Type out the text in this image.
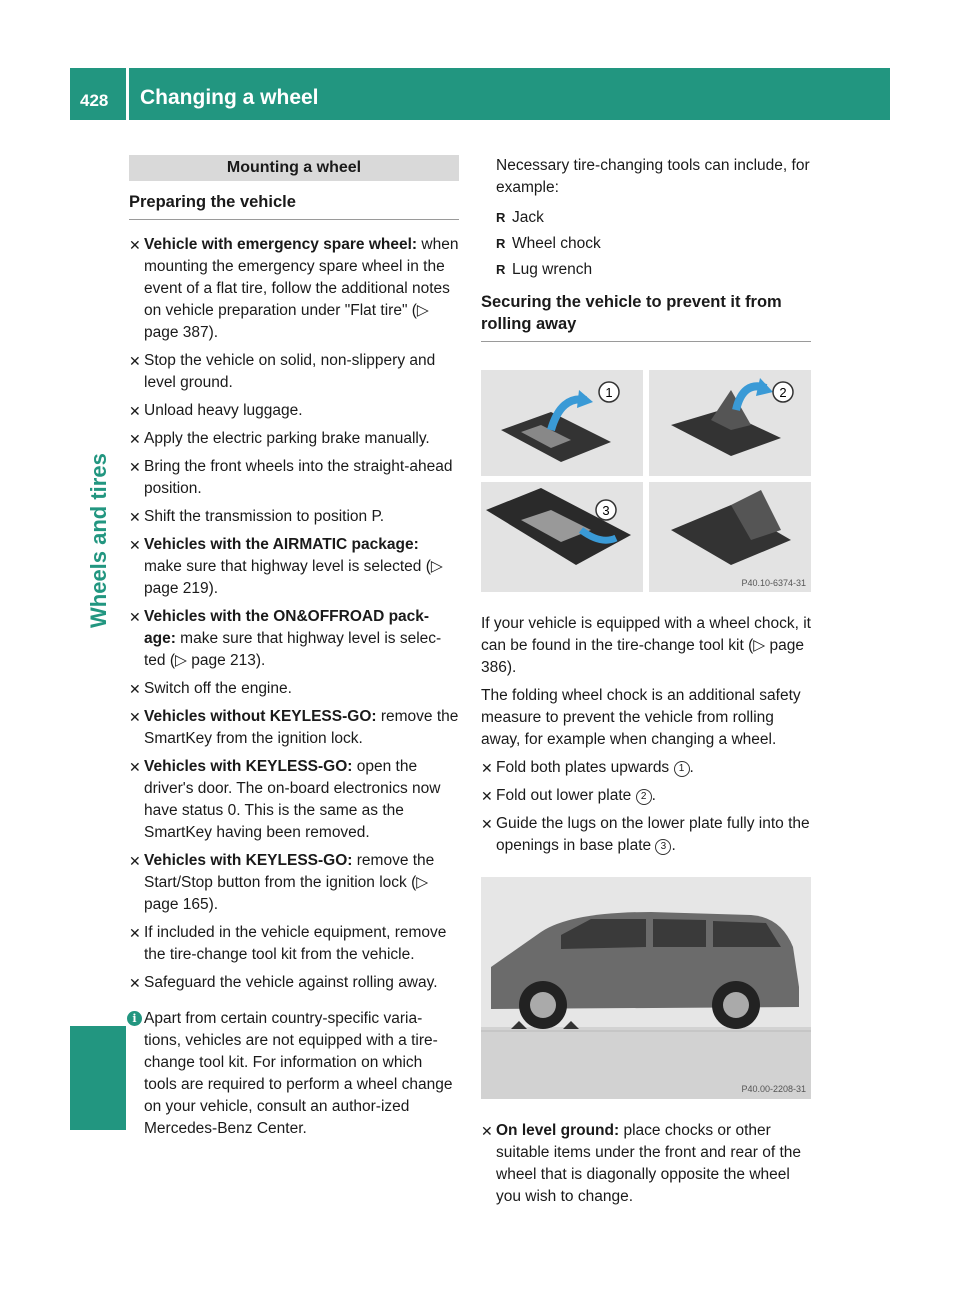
428 Changing a wheel
Wheels and tires
Mounting a wheel
Preparing the vehicle
✕ Vehicle with emergency spare wheel: when mounting the emergency spare wheel in the event of a flat tire, follow the additional notes on vehicle preparation under "Flat tire" (▷ page 387).
✕ Stop the vehicle on solid, non-slippery and level ground.
✕ Unload heavy luggage.
✕ Apply the electric parking brake manually.
✕ Bring the front wheels into the straight-ahead position.
✕ Shift the transmission to position P.
✕ Vehicles with the AIRMATIC package: make sure that highway level is selected (▷ page 219).
✕ Vehicles with the ON&OFFROAD pack-age: make sure that highway level is selec-ted (▷ page 213).
✕ Switch off the engine.
✕ Vehicles without KEYLESS-GO: remove the SmartKey from the ignition lock.
✕ Vehicles with KEYLESS-GO: open the driver's door. The on-board electronics now have status 0. This is the same as the SmartKey having been removed.
✕ Vehicles with KEYLESS-GO: remove the Start/Stop button from the ignition lock (▷ page 165).
✕ If included in the vehicle equipment, remove the tire-change tool kit from the vehicle.
✕ Safeguard the vehicle against rolling away.
i Apart from certain country-specific varia-tions, vehicles are not equipped with a tire-change tool kit. For information on which tools are required to perform a wheel change on your vehicle, consult an author-ized Mercedes-Benz Center.

Necessary tire-changing tools can include, for example:

R Jack
R Wheel chock
R Lug wrench
Securing the vehicle to prevent it from rolling away
1	2
3
P40.10-6374-31

If your vehicle is equipped with a wheel chock, it can be found in the tire-change tool kit (▷ page 386).

The folding wheel chock is an additional safety measure to prevent the vehicle from rolling away, for example when changing a wheel.

✕ Fold both plates upwards 1 .
✕ Fold out lower plate 2 .
✕ Guide the lugs on the lower plate fully into the openings in base plate 3 .
P40.00-2208-31
✕ On level ground: place chocks or other suitable items under the front and rear of the wheel that is diagonally opposite the wheel you wish to change.
